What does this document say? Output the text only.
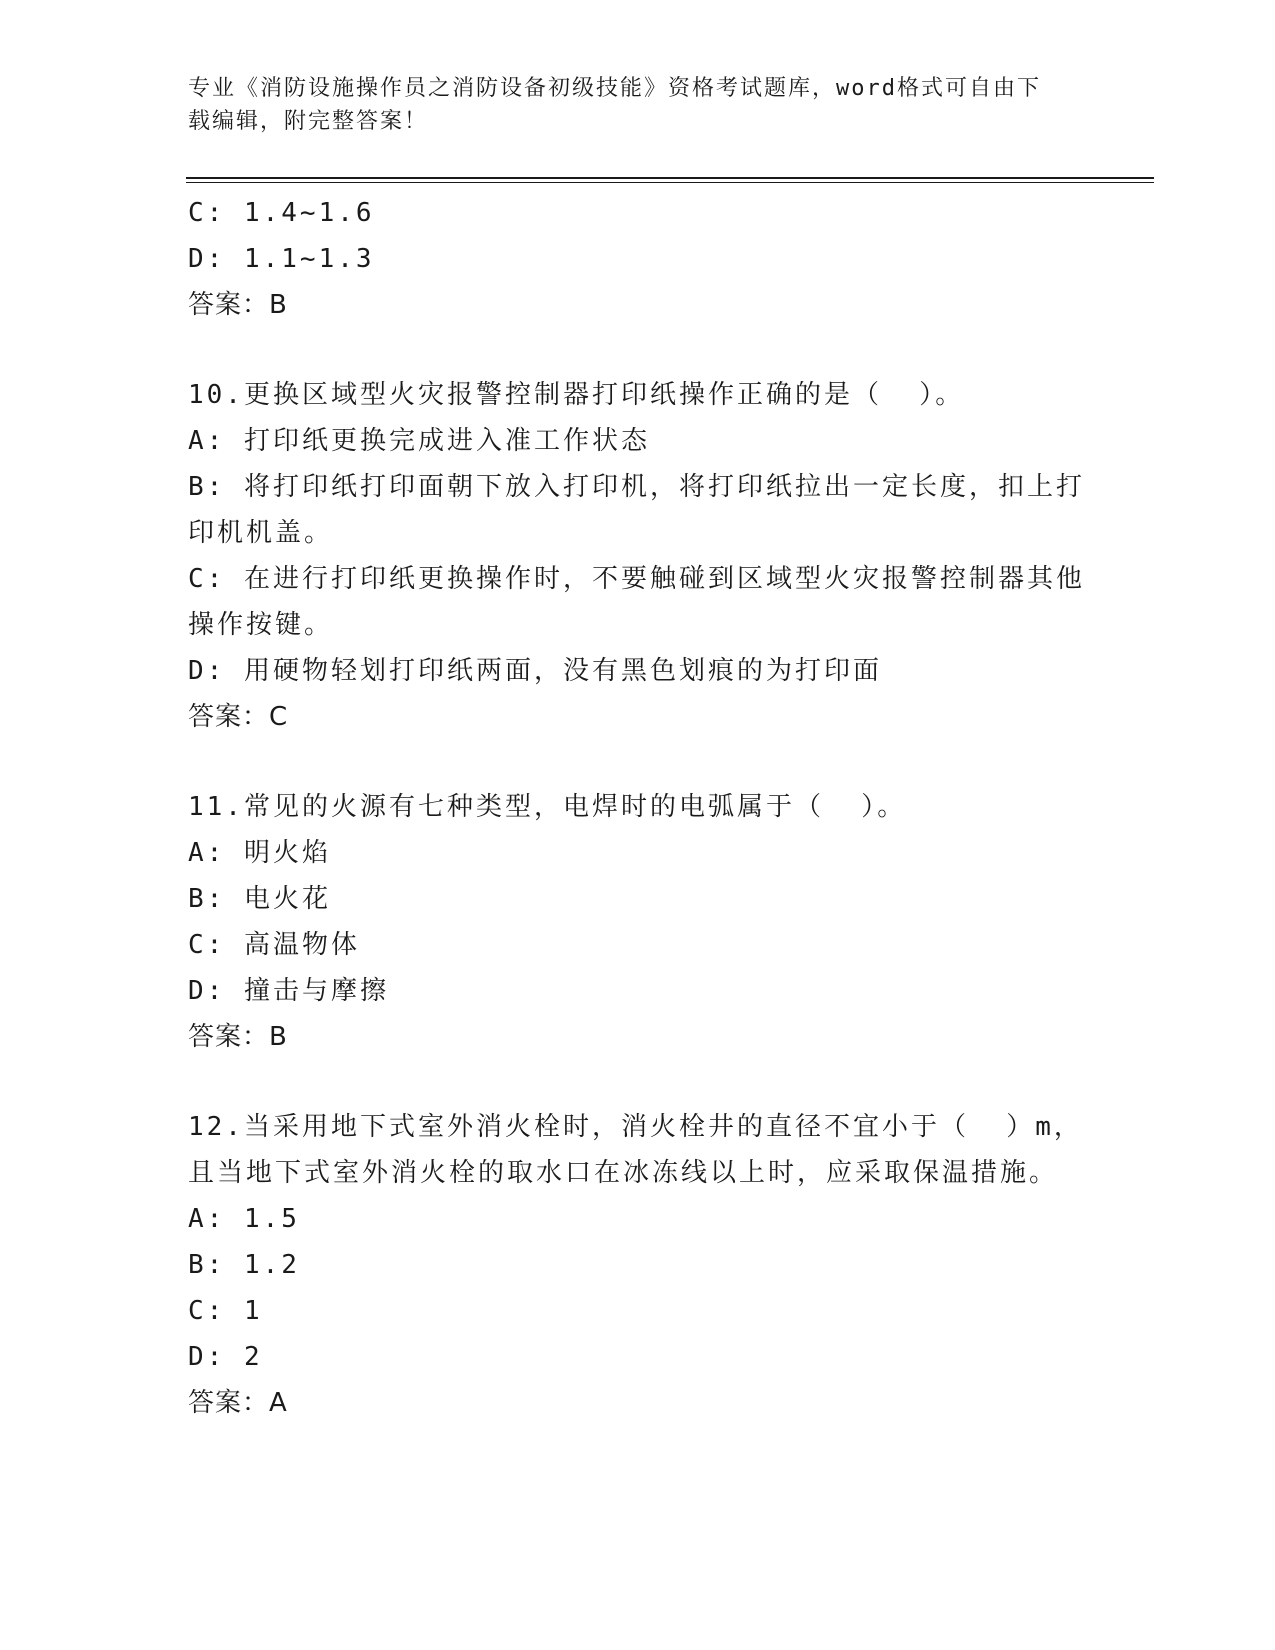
专业《消防设施操作员之消防设备初级技能》资格考试题库，word格式可自由下
载编辑，附完整答案！
C: 1.4~1.6
D: 1.1~1.3
答案：B
10.更换区域型火灾报警控制器打印纸操作正确的是（  ）。
A: 打印纸更换完成进入准工作状态
B: 将打印纸打印面朝下放入打印机，将打印纸拉出一定长度，扣上打
印机机盖。
C: 在进行打印纸更换操作时，不要触碰到区域型火灾报警控制器其他
操作按键。
D: 用硬物轻划打印纸两面，没有黑色划痕的为打印面
答案：C
11.常见的火源有七种类型，电焊时的电弧属于（  ）。
A: 明火焰
B: 电火花
C: 高温物体
D: 撞击与摩擦
答案：B
12.当采用地下式室外消火栓时，消火栓井的直径不宜小于（  ）m，
且当地下式室外消火栓的取水口在冰冻线以上时，应采取保温措施。
A: 1.5
B: 1.2
C: 1
D: 2
答案：A
